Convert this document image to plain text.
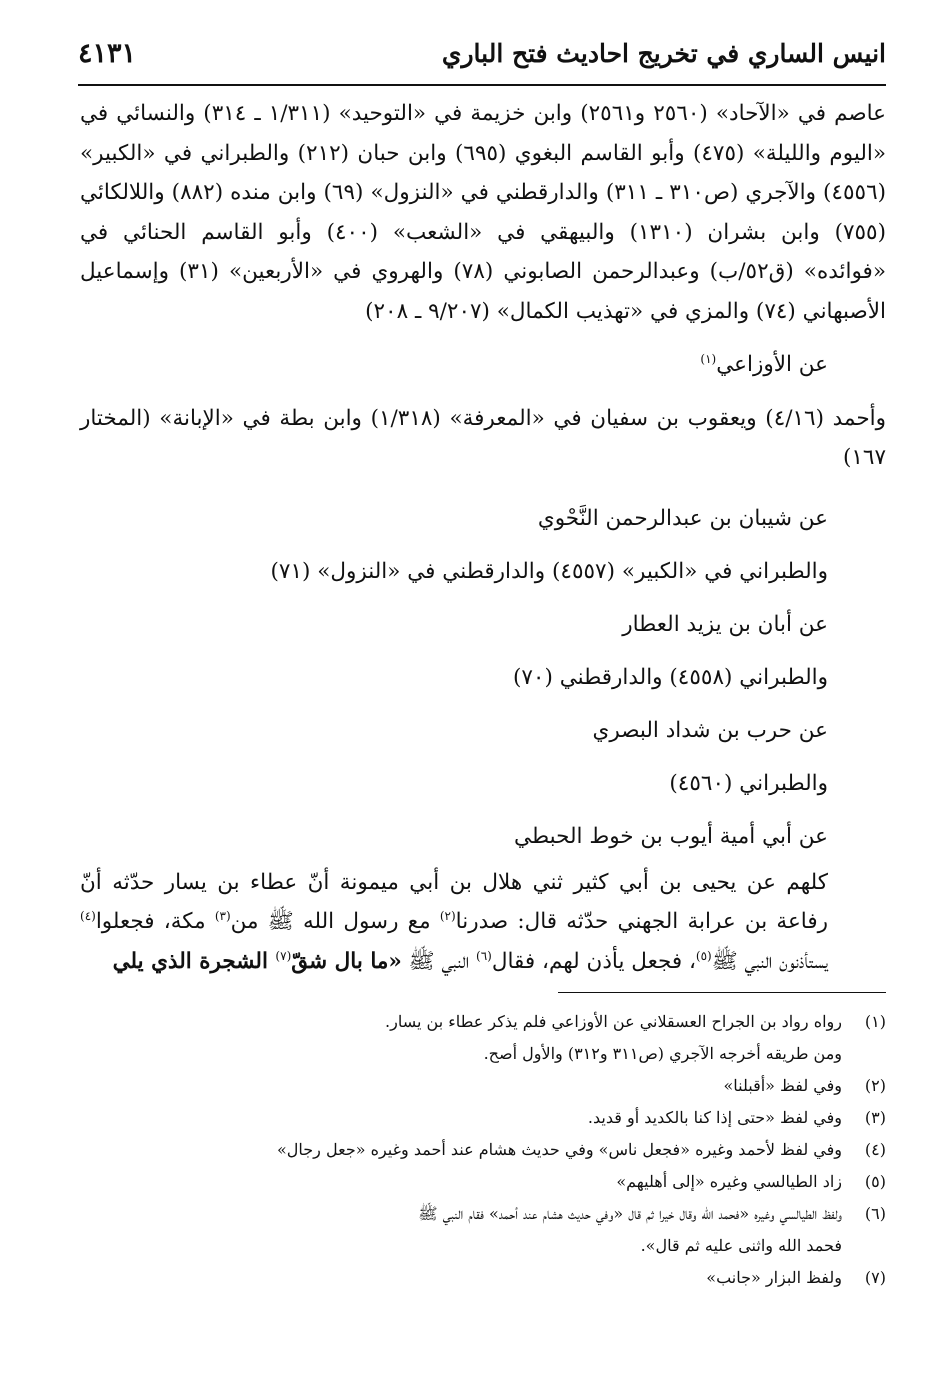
انيس الساري في تخريج احاديث فتح الباري
٤١٣١

عاصم في «الآحاد» (٢٥٦٠ و٢٥٦١) وابن خزيمة في «التوحيد» (١/٣١١ ـ ٣١٤) والنسائي في «اليوم والليلة» (٤٧٥) وأبو القاسم البغوي (٦٩٥) وابن حبان (٢١٢) والطبراني في «الكبير» (٤٥٥٦) والآجري (ص٣١٠ ـ ٣١١) والدارقطني في «النزول» (٦٩) وابن منده (٨٨٢) واللالكائي (٧٥٥) وابن بشران (١٣١٠) والبيهقي في «الشعب» (٤٠٠) وأبو القاسم الحنائي في «فوائده» (ق٥٢/ب) وعبدالرحمن الصابوني (٧٨) والهروي في «الأربعين» (٣١) وإسماعيل الأصبهاني (٧٤) والمزي في «تهذيب الكمال» (٩/٢٠٧ ـ ٢٠٨)

عن الأوزاعي$^{(١)}$

وأحمد (٤/١٦) ويعقوب بن سفيان في «المعرفة» (١/٣١٨) وابن بطة في «الإبانة» (المختار ١٦٧)

عن شيبان بن عبدالرحمن النَّحْوي

والطبراني في «الكبير» (٤٥٥٧) والدارقطني في «النزول» (٧١)

عن أبان بن يزيد العطار

والطبراني (٤٥٥٨) والدارقطني (٧٠)

عن حرب بن شداد البصري

والطبراني (٤٥٦٠)

عن أبي أمية أيوب بن خوط الحبطي

كلهم عن يحيى بن أبي كثير ثني هلال بن أبي ميمونة أنّ عطاء بن يسار حدّثه أنّ رفاعة بن عرابة الجهني حدّثه قال: صدرنا$^{(٢)}$ مع رسول الله ﷺ من$^{(٣)}$ مكة، فجعلوا$^{(٤)}$ يستأذنون النبي ﷺ$^{(٥)}$، فجعل يأذن لهم، فقال$^{(٦)}$ النبي ﷺ «ما بال شقّ$^{(٧)}$ الشجرة الذي يلي

(١)
رواه رواد بن الجراح العسقلاني عن الأوزاعي فلم يذكر عطاء بن يسار.
ومن طريقه أخرجه الآجري (ص٣١١ و٣١٢) والأول أصح.
(٢)
وفي لفظ «أقبلنا»
(٣)
وفي لفظ «حتى إذا كنا بالكديد أو قديد.
(٤)
وفي لفظ لأحمد وغيره «فجعل ناس» وفي حديث هشام عند أحمد وغيره «جعل رجال»
(٥)
زاد الطيالسي وغيره «إلى أهليهم»
(٦)
ولفظ الطيالسي وغيره «فحمد الله وقال خيرا ثم قال «وفي حديث هشام عند أحمد» فقام النبي ﷺ
فحمد الله واثنى عليه ثم قال».
(٧)
ولفظ البزار «جانب»
